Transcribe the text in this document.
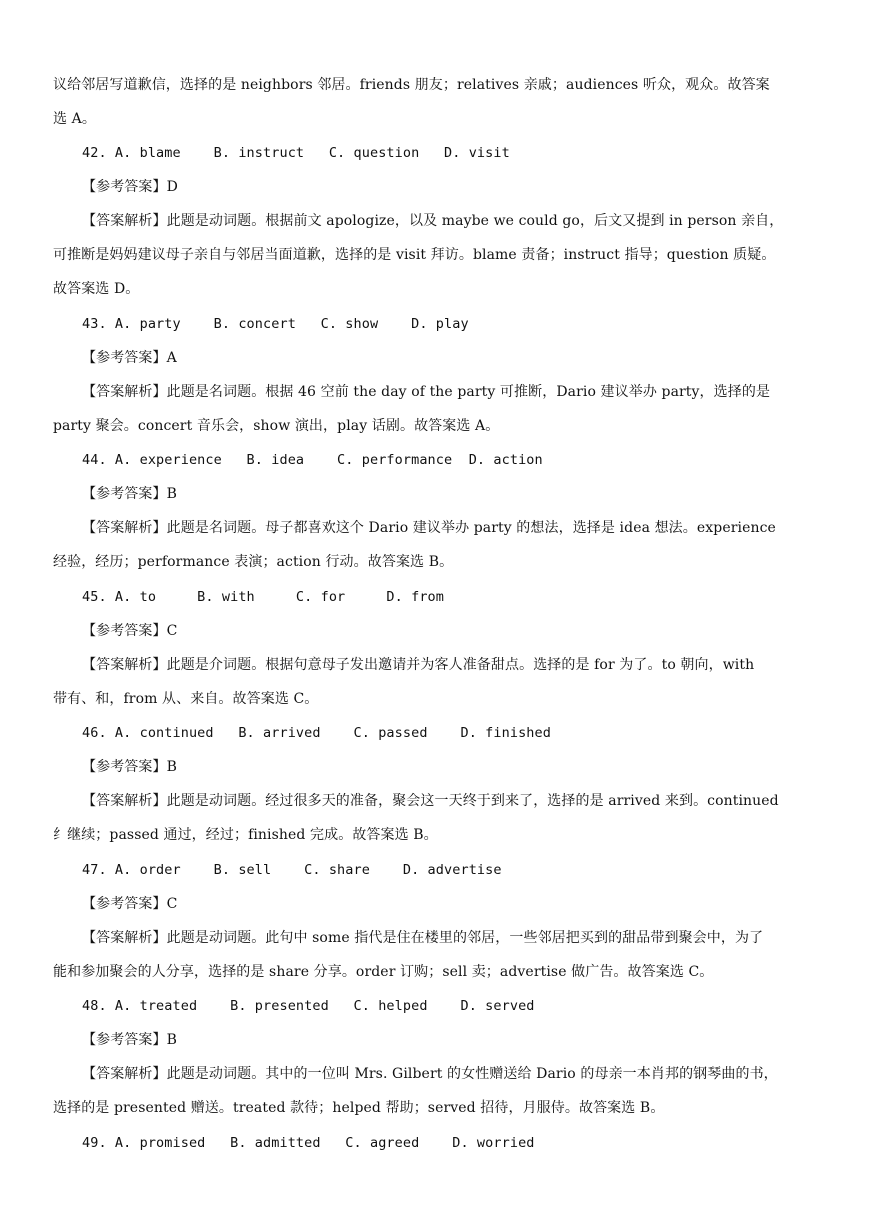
议给邻居写道歉信，选择的是 neighbors 邻居。friends 朋友；relatives 亲戚；audiences 听众，观众。故答案
选 A。
42. A. blame    B. instruct   C. question   D. visit
【参考答案】D
【答案解析】此题是动词题。根据前文 apologize，以及 maybe we could go，后文又提到 in person 亲自，
可推断是妈妈建议母子亲自与邻居当面道歉，选择的是 visit 拜访。blame 责备；instruct 指导；question 质疑。
故答案选 D。
43. A. party    B. concert   C. show    D. play
【参考答案】A
【答案解析】此题是名词题。根据 46 空前 the day of the party 可推断，Dario 建议举办 party，选择的是
party 聚会。concert 音乐会，show 演出，play 话剧。故答案选 A。
44. A. experience   B. idea    C. performance  D. action
【参考答案】B
【答案解析】此题是名词题。母子都喜欢这个 Dario 建议举办 party 的想法，选择是 idea 想法。experience
经验，经历；performance 表演；action 行动。故答案选 B。
45. A. to     B. with     C. for     D. from
【参考答案】C
【答案解析】此题是介词题。根据句意母子发出邀请并为客人准备甜点。选择的是 for 为了。to 朝向，with
带有、和，from 从、来自。故答案选 C。
46. A. continued   B. arrived    C. passed    D. finished
【参考答案】B
【答案解析】此题是动词题。经过很多天的准备，聚会这一天终于到来了，选择的是 arrived 来到。continued
纟继续；passed 通过，经过；finished 完成。故答案选 B。
47. A. order    B. sell    C. share    D. advertise
【参考答案】C
【答案解析】此题是动词题。此句中 some 指代是住在楼里的邻居，一些邻居把买到的甜品带到聚会中，为了
能和参加聚会的人分享，选择的是 share 分享。order 订购；sell 卖；advertise 做广告。故答案选 C。
48. A. treated    B. presented   C. helped    D. served
【参考答案】B
【答案解析】此题是动词题。其中的一位叫 Mrs. Gilbert 的女性赠送给 Dario 的母亲一本肖邦的钢琴曲的书，
选择的是 presented 赠送。treated 款待；helped 帮助；served 招待，月服侍。故答案选 B。
49. A. promised   B. admitted   C. agreed    D. worried
